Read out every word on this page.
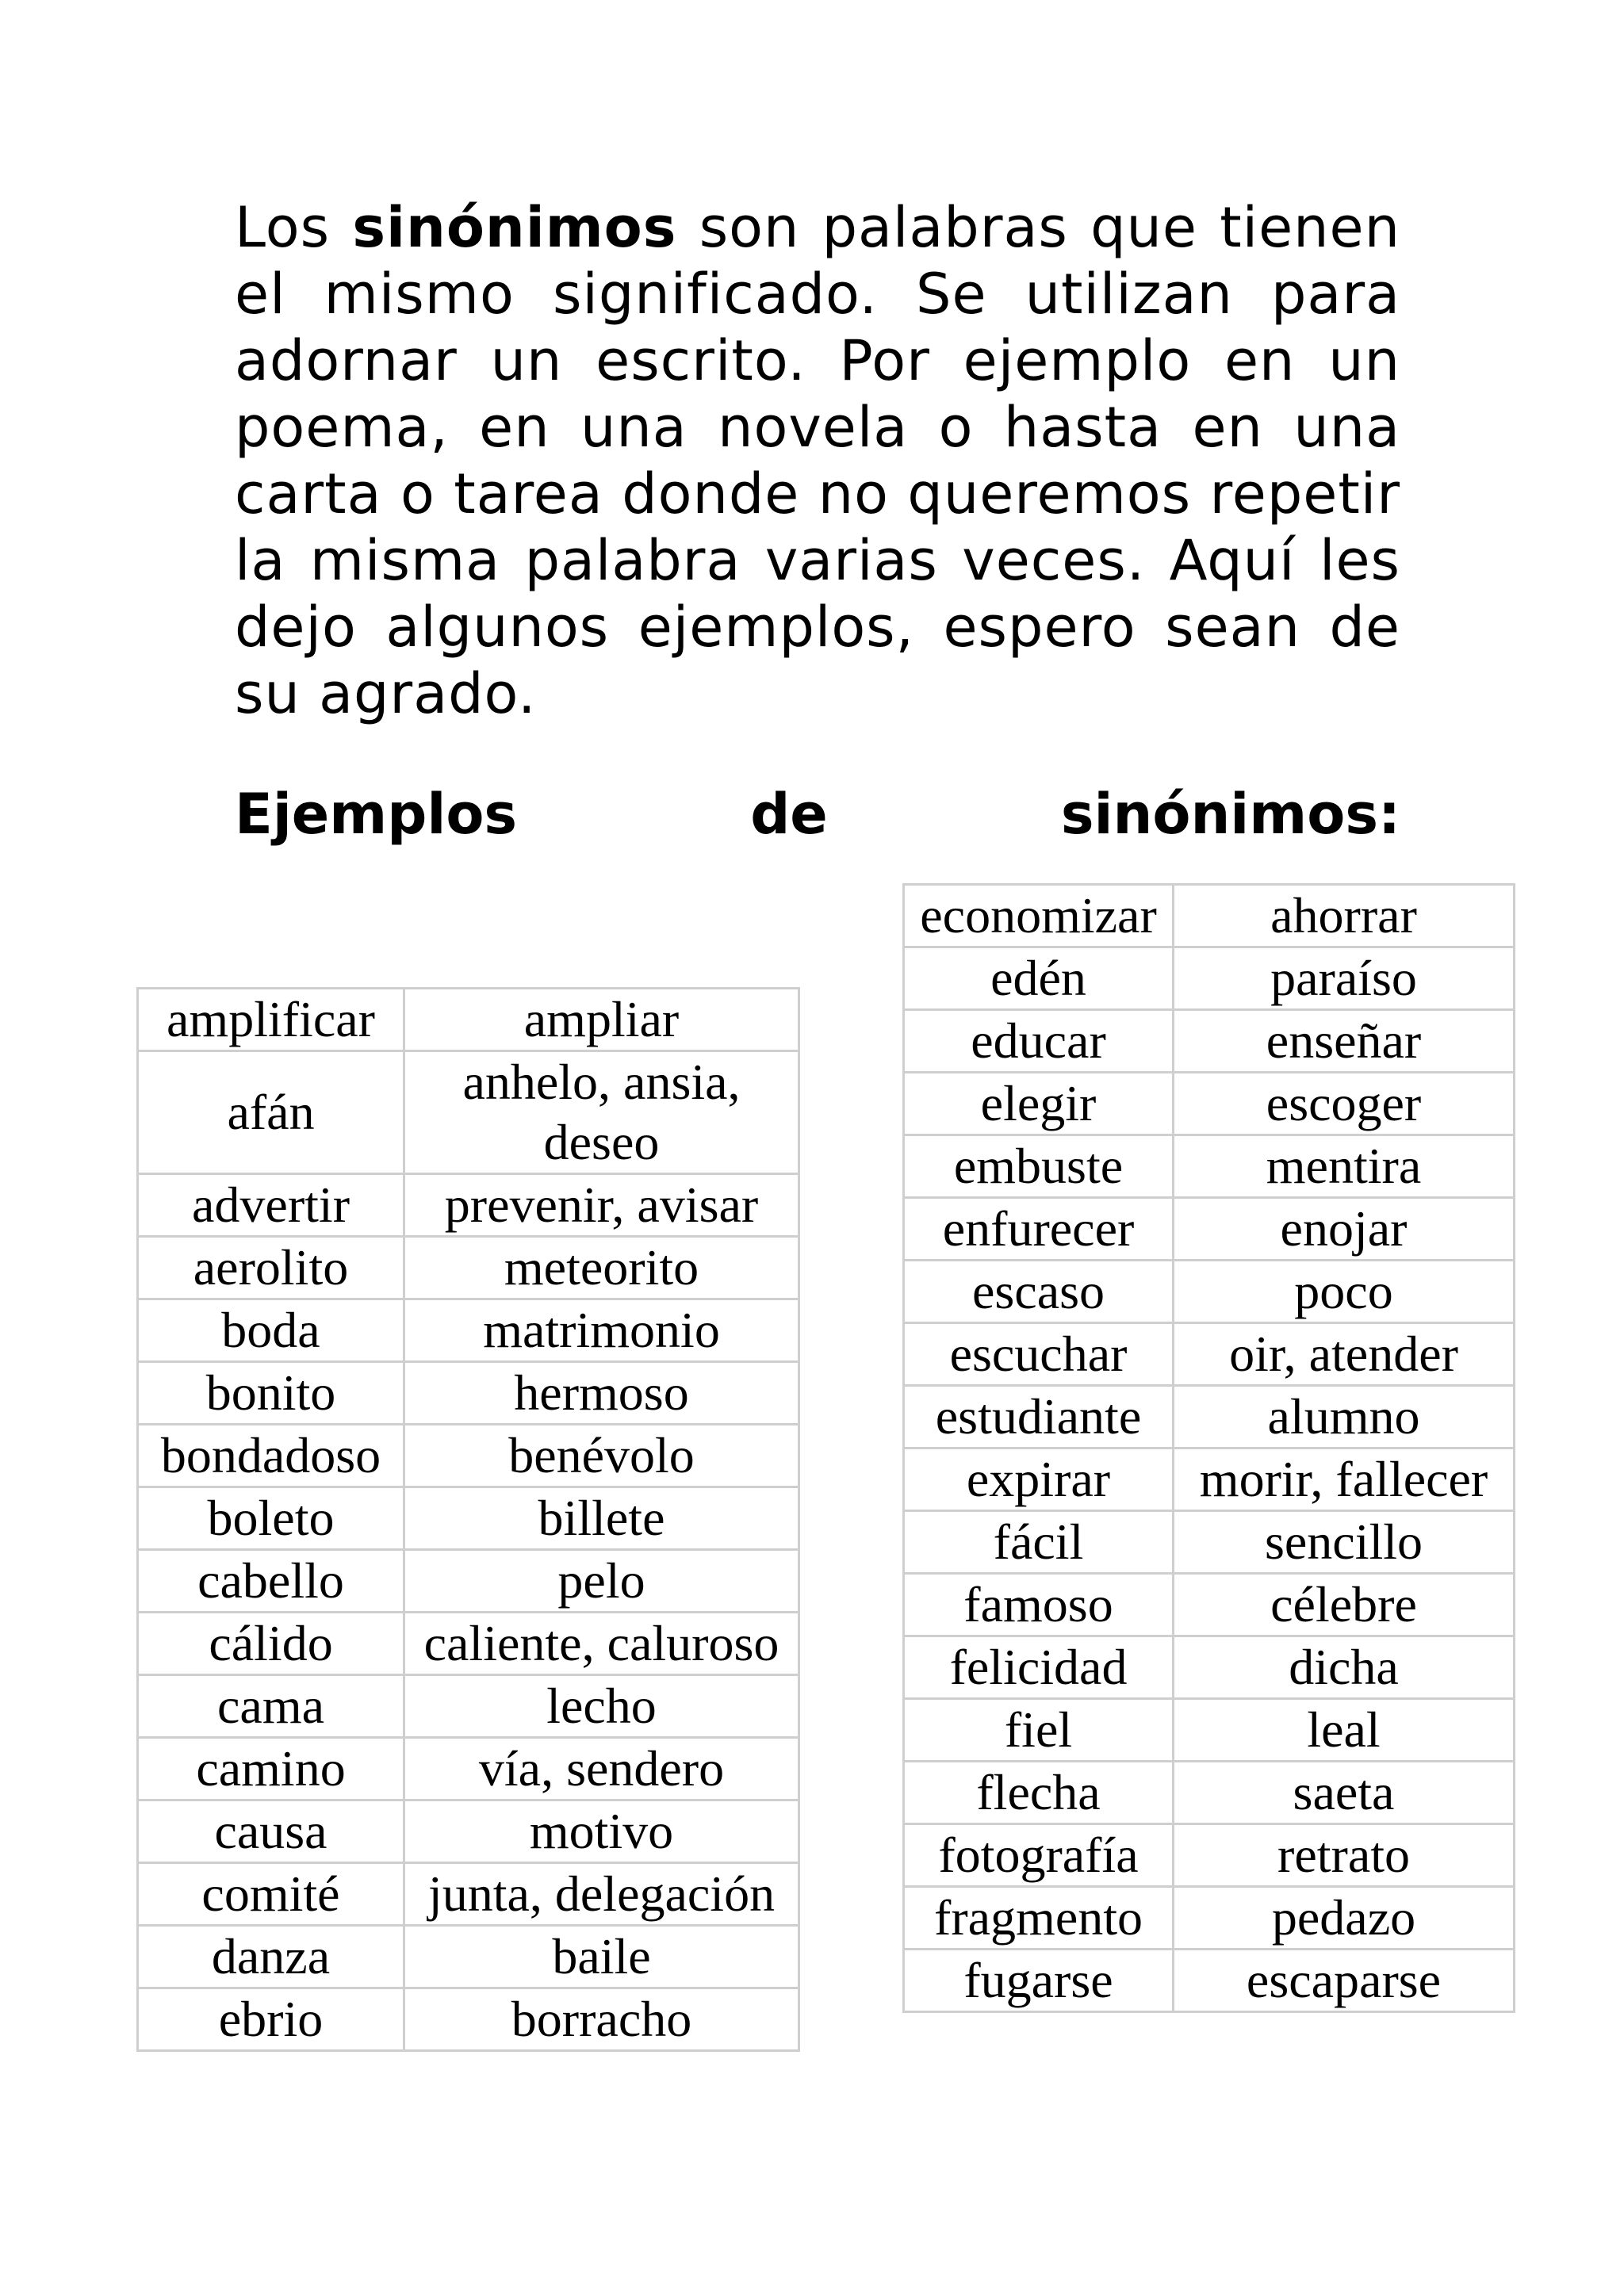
Los sinónimos son palabras que tienen el mismo significado. Se utilizan para adornar un escrito. Por ejemplo en un poema, en una novela o hasta en una carta o tarea donde no queremos repetir la misma palabra varias veces. Aquí les dejo algunos ejemplos, espero sean de su agrado.

Ejemplos	de	sinónimos:
amplificar	ampliar
afán	anhelo, ansia, deseo
advertir	prevenir, avisar
aerolito	meteorito
boda	matrimonio
bonito	hermoso
bondadoso	benévolo
boleto	billete
cabello	pelo
cálido	caliente, caluroso
cama	lecho
camino	vía, sendero
causa	motivo
comité	junta, delegación
danza	baile
ebrio	borracho
economizar	ahorrar
edén	paraíso
educar	enseñar
elegir	escoger
embuste	mentira
enfurecer	enojar
escaso	poco
escuchar	oir, atender
estudiante	alumno
expirar	morir, fallecer
fácil	sencillo
famoso	célebre
felicidad	dicha
fiel	leal
flecha	saeta
fotografía	retrato
fragmento	pedazo
fugarse	escaparse
